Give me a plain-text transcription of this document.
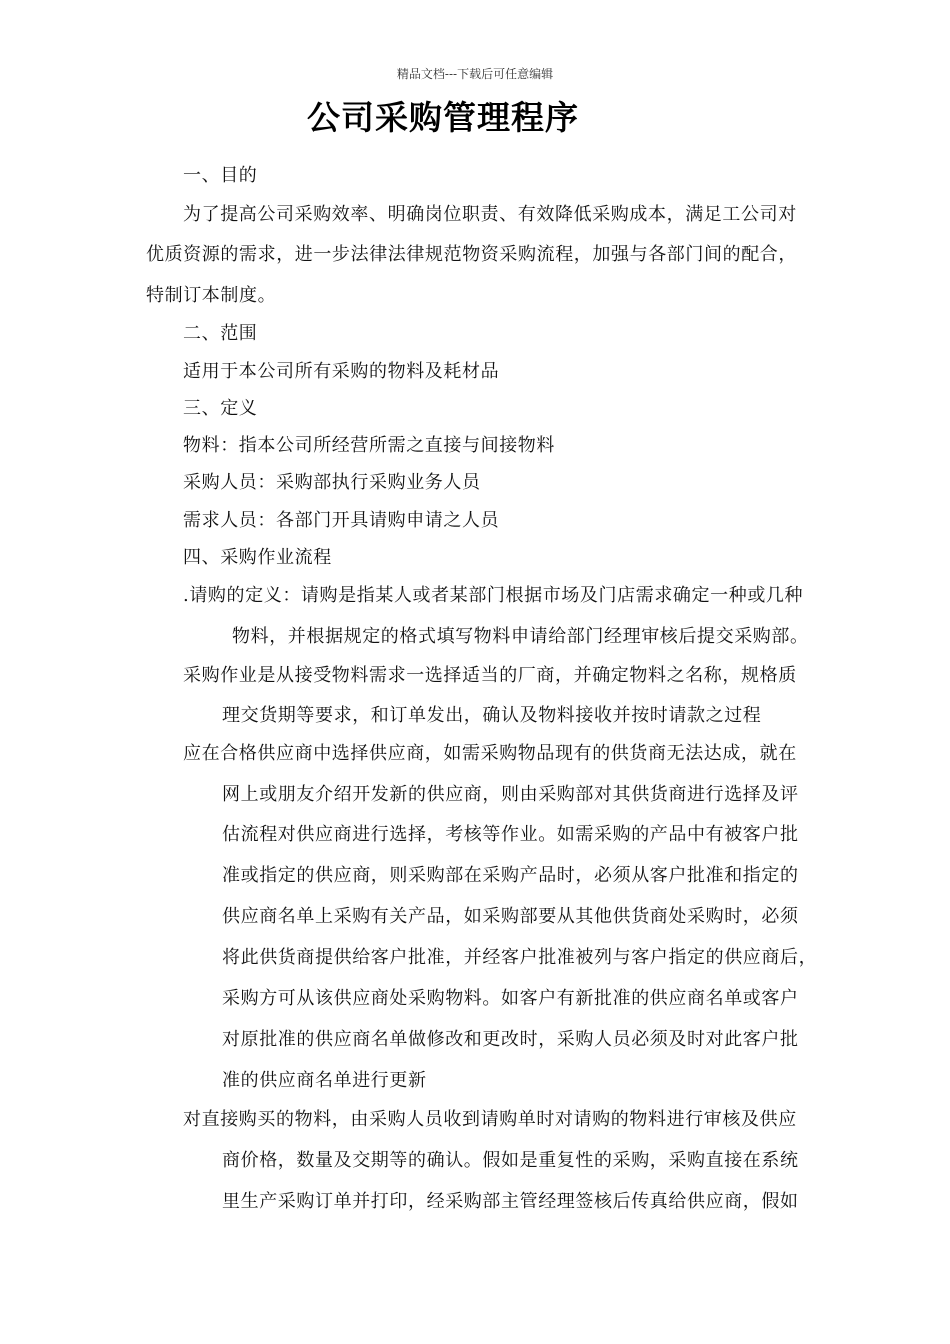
精品文档---下载后可任意编辑
公司采购管理程序
一、目的
为了提高公司采购效率、明确岗位职责、有效降低采购成本，满足工公司对
优质资源的需求，进一步法律法律规范物资采购流程，加强与各部门间的配合，
特制订本制度。
二、范围
适用于本公司所有采购的物料及耗材品
三、定义
物料：指本公司所经营所需之直接与间接物料
采购人员：采购部执行采购业务人员
需求人员：各部门开具请购申请之人员
四、采购作业流程
.请购的定义：请购是指某人或者某部门根据市场及门店需求确定一种或几种
物料，并根据规定的格式填写物料申请给部门经理审核后提交采购部。
采购作业是从接受物料需求一选择适当的厂商，并确定物料之名称，规格质
理交货期等要求，和订单发出，确认及物料接收并按时请款之过程
应在合格供应商中选择供应商，如需采购物品现有的供货商无法达成，就在
网上或朋友介绍开发新的供应商，则由采购部对其供货商进行选择及评
估流程对供应商进行选择，考核等作业。如需采购的产品中有被客户批
准或指定的供应商，则采购部在采购产品时，必须从客户批准和指定的
供应商名单上采购有关产品，如采购部要从其他供货商处采购时，必须
将此供货商提供给客户批准，并经客户批准被列与客户指定的供应商后，
采购方可从该供应商处采购物料。如客户有新批准的供应商名单或客户
对原批准的供应商名单做修改和更改时，采购人员必须及时对此客户批
准的供应商名单进行更新
对直接购买的物料，由采购人员收到请购单时对请购的物料进行审核及供应
商价格，数量及交期等的确认。假如是重复性的采购，采购直接在系统
里生产采购订单并打印，经采购部主管经理签核后传真给供应商，假如
